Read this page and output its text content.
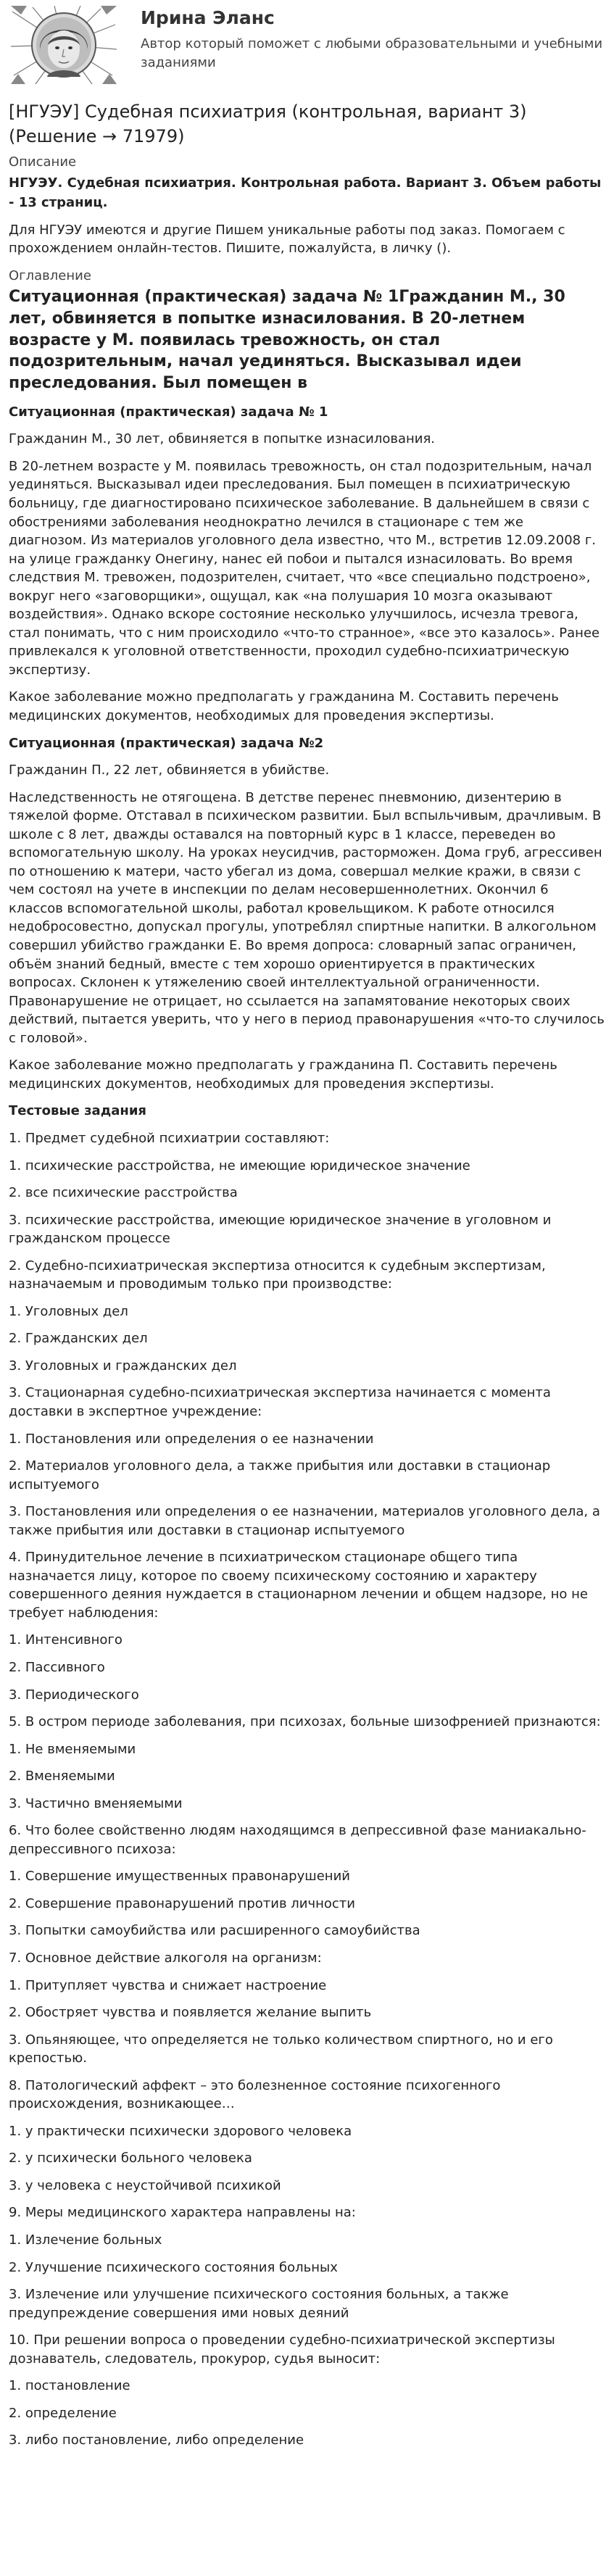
Ирина Эланс
Автор который поможет с любыми образовательными и учебными заданиями
[НГУЭУ] Судебная психиатрия (контрольная, вариант 3) (Решение → 71979)
Описание
НГУЭУ. Судебная психиатрия. Контрольная работа. Вариант 3. Объем работы - 13 страниц.
Для НГУЭУ имеются и другие Пишем уникальные работы под заказ. Помогаем с прохождением онлайн-тестов. Пишите, пожалуйста, в личку ().
Оглавление
Ситуационная (практическая) задача № 1Гражданин М., 30 лет, обвиняется в попытке изнасилования. В 20-летнем возрасте у М. появилась тревожность, он стал подозрительным, начал уединяться. Высказывал идеи преследования. Был помещен в

Ситуационная (практическая) задача № 1

Гражданин М., 30 лет, обвиняется в попытке изнасилования.

В 20-летнем возрасте у М. появилась тревожность, он стал подозрительным, начал уединяться. Высказывал идеи преследования. Был помещен в психиатрическую больницу, где диагностировано психическое заболевание. В дальнейшем в связи с обострениями заболевания неоднократно лечился в стационаре с тем же диагнозом. Из материалов уголовного дела известно, что М., встретив 12.09.2008 г. на улице гражданку Онегину, нанес ей побои и пытался изнасиловать. Во время следствия М. тревожен, подозрителен, считает, что «все специально подстроено», вокруг него «заговорщики», ощущал, как «на полушария 10 мозга оказывают воздействия». Однако вскоре состояние несколько улучшилось, исчезла тревога, стал понимать, что с ним происходило «что-то странное», «все это казалось». Ранее привлекался к уголовной ответственности, проходил судебно-психиатрическую экспертизу.

Какое заболевание можно предполагать у гражданина М. Составить перечень медицинских документов, необходимых для проведения экспертизы.

Ситуационная (практическая) задача №2

Гражданин П., 22 лет, обвиняется в убийстве.

Наследственность не отягощена. В детстве перенес пневмонию, дизентерию в тяжелой форме. Отставал в психическом развитии. Был вспыльчивым, драчливым. В школе с 8 лет, дважды оставался на повторный курс в 1 классе, переведен во вспомогательную школу. На уроках неусидчив, расторможен. Дома груб, агрессивен по отношению к матери, часто убегал из дома, совершал мелкие кражи, в связи с чем состоял на учете в инспекции по делам несовершеннолетних. Окончил 6 классов вспомогательной школы, работал кровельщиком. К работе относился недобросовестно, допускал прогулы, употреблял спиртные напитки. В алкогольном совершил убийство гражданки Е. Во время допроса: словарный запас ограничен, объём знаний бедный, вместе с тем хорошо ориентируется в практических вопросах. Склонен к утяжелению своей интеллектуальной ограниченности. Правонарушение не отрицает, но ссылается на запамятование некоторых своих действий, пытается уверить, что у него в период правонарушения «что-то случилось с головой».

Какое заболевание можно предполагать у гражданина П. Составить перечень медицинских документов, необходимых для проведения экспертизы.

Тестовые задания

1. Предмет судебной психиатрии составляют:

1. психические расстройства, не имеющие юридическое значение

2. все психические расстройства

3. психические расстройства, имеющие юридическое значение в уголовном и гражданском процессе

2. Судебно-психиатрическая экспертиза относится к судебным экспертизам, назначаемым и проводимым только при производстве:

1. Уголовных дел

2. Гражданских дел

3. Уголовных и гражданских дел

3. Стационарная судебно-психиатрическая экспертиза начинается с момента доставки в экспертное учреждение:

1. Постановления или определения о ее назначении

2. Материалов уголовного дела, а также прибытия или доставки в стационар испытуемого

3. Постановления или определения о ее назначении, материалов уголовного дела, а также прибытия или доставки в стационар испытуемого

4. Принудительное лечение в психиатрическом стационаре общего типа назначается лицу, которое по своему психическому состоянию и характеру совершенного деяния нуждается в стационарном лечении и общем надзоре, но не требует наблюдения:

1. Интенсивного

2. Пассивного

3. Периодического

5. В остром периоде заболевания, при психозах, больные шизофренией признаются:

1. Не вменяемыми

2. Вменяемыми

3. Частично вменяемыми

6. Что более свойственно людям находящимся в депрессивной фазе маниакально-депрессивного психоза:

1. Совершение имущественных правонарушений

2. Совершение правонарушений против личности

3. Попытки самоубийства или расширенного самоубийства

7. Основное действие алкоголя на организм:

1. Притупляет чувства и снижает настроение

2. Обостряет чувства и появляется желание выпить

3. Опьяняющее, что определяется не только количеством спиртного, но и его крепостью.

8. Патологический аффект – это болезненное состояние психогенного происхождения, возникающее…

1. у практически психически здорового человека

2. у психически больного человека

3. у человека с неустойчивой психикой

9. Меры медицинского характера направлены на:

1. Излечение больных

2. Улучшение психического состояния больных

3. Излечение или улучшение психического состояния больных, а также предупреждение совершения ими новых деяний

10. При решении вопроса о проведении судебно-психиатрической экспертизы дознаватель, следователь, прокурор, судья выносит:

1. постановление

2. определение

3. либо постановление, либо определение
